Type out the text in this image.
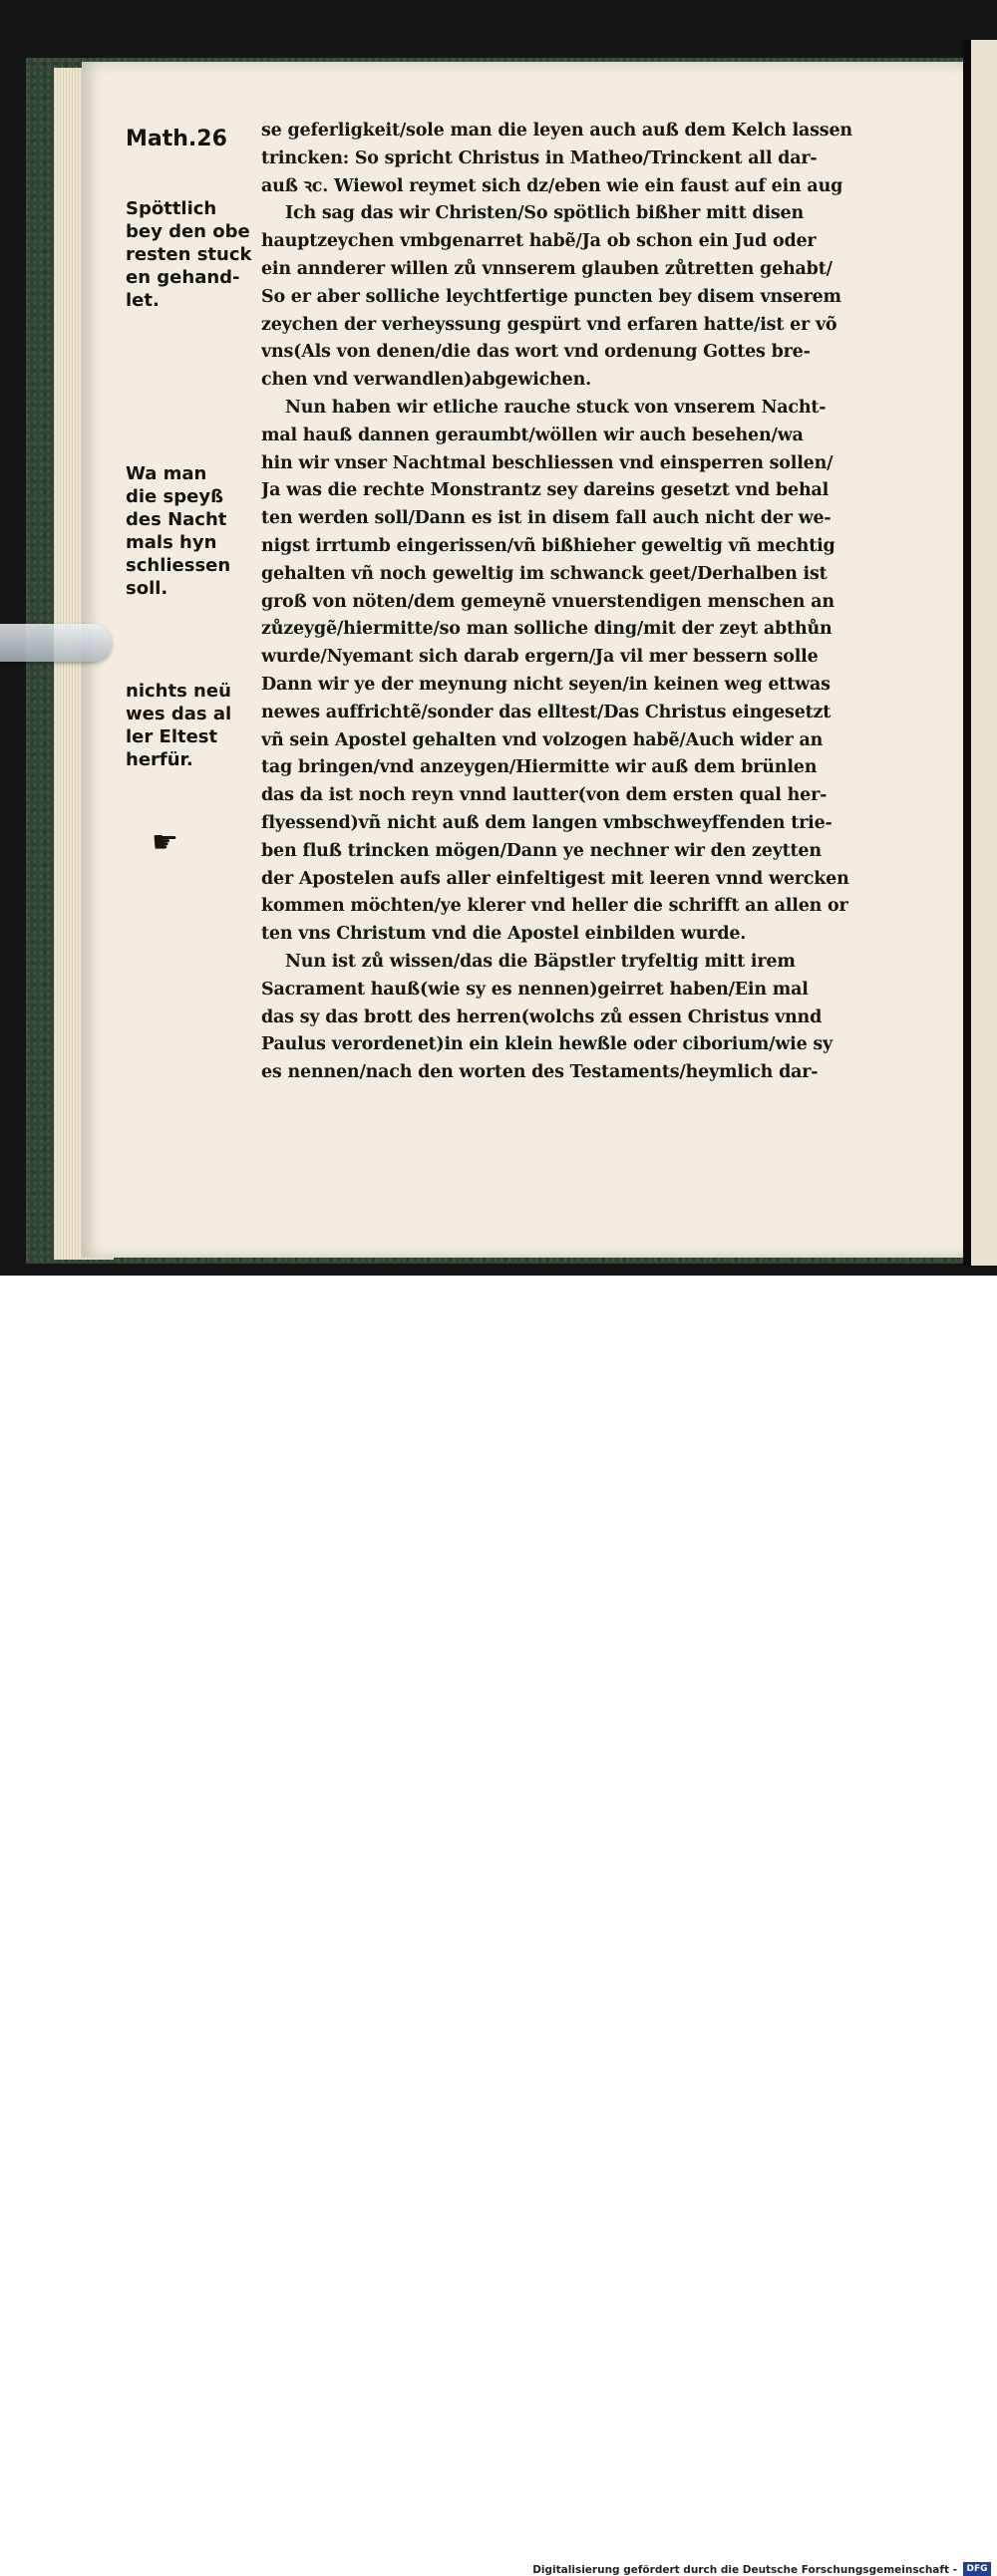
Math.26
Spöttlich
bey den obe
resten stuck
en gehand-
let.
Wa man
die speyß
des Nacht
mals hyn
schliessen
soll.
nichts neü
wes das al
ler Eltest
herfür.
☛
se geferligkeit/sole man die leyen auch auß dem Kelch lassen
trincken: So spricht Christus in Matheo/Trinckent all dar-
auß ꝛc. Wiewol reymet sich dz/eben wie ein faust auf ein aug
Ich sag das wir Christen/So spötlich bißher mitt disen
hauptzeychen vmbgenarret habẽ/Ja ob schon ein Jud oder
ein annderer willen zů vnnserem glauben zůtretten gehabt/
So er aber solliche leychtfertige puncten bey disem vnserem
zeychen der verheyssung gespürt vnd erfaren hatte/ist er võ
vns(Als von denen/die das wort vnd ordenung Gottes bre-
chen vnd verwandlen)abgewichen.
Nun haben wir etliche rauche stuck von vnserem Nacht-
mal hauß dannen geraumbt/wöllen wir auch besehen/wa
hin wir vnser Nachtmal beschliessen vnd einsperren sollen/
Ja was die rechte Monstrantz sey dareins gesetzt vnd behal
ten werden soll/Dann es ist in disem fall auch nicht der we-
nigst irrtumb eingerissen/vñ bißhieher geweltig vñ mechtig
gehalten vñ noch geweltig im schwanck geet/Derhalben ist
groß von nöten/dem gemeynẽ vnuerstendigen menschen an
zůzeygẽ/hiermitte/so man solliche ding/mit der zeyt abthůn
wurde/Nyemant sich darab ergern/Ja vil mer bessern solle
Dann wir ye der meynung nicht seyen/in keinen weg ettwas
newes auffrichtẽ/sonder das elltest/Das Christus eingesetzt
vñ sein Apostel gehalten vnd volzogen habẽ/Auch wider an
tag bringen/vnd anzeygen/Hiermitte wir auß dem brünlen
das da ist noch reyn vnnd lautter(von dem ersten qual her-
flyessend)vñ nicht auß dem langen vmbschweyffenden trie-
ben fluß trincken mögen/Dann ye nechner wir den zeytten
der Apostelen aufs aller einfeltigest mit leeren vnnd wercken
kommen möchten/ye klerer vnd heller die schrifft an allen or
ten vns Christum vnd die Apostel einbilden wurde.
Nun ist zů wissen/das die Bäpstler tryfeltig mitt irem
Sacrament hauß(wie sy es nennen)geirret haben/Ein mal
das sy das brott des herren(wolchs zů essen Christus vnnd
Paulus verordenet)in ein klein hewßle oder ciborium/wie sy
es nennen/nach den worten des Testaments/heymlich dar-
Digitalisierung gefördert durch die Deutsche Forschungsgemeinschaft -	DFG
